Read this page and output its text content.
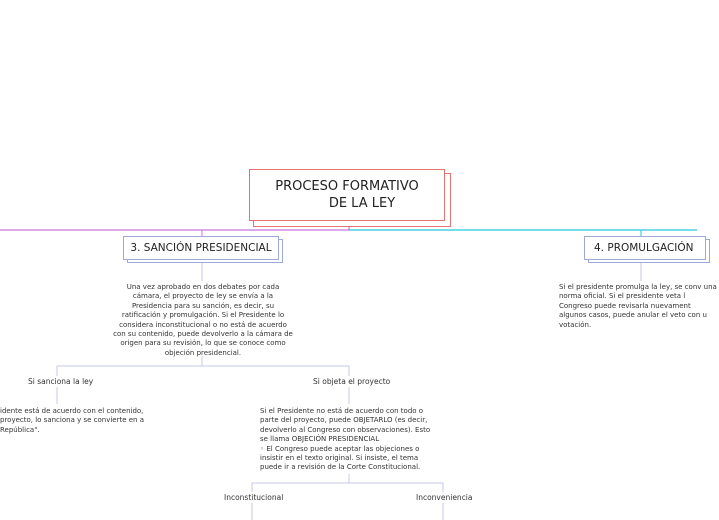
PROCESO FORMATIVO
DE LA LEY
3. SANCIÓN PRESIDENCIAL
Una vez aprobado en dos debates por cada cámara, el proyecto de ley se envía a la Presidencia para su sanción, es decir, su ratificación y promulgación. Si el Presidente lo considera inconstitucional o no está de acuerdo con su contenido, puede devolverlo a la cámara de origen para su revisión, lo que se conoce como objeción presidencial.
4. PROMULGACIÓN
Si el presidente promulga la ley, se conv una norma oficial. Si el presidente veta l Congreso puede revisarla nuevament algunos casos, puede anular el veto con u votación.
Si sanciona la ley
idente está de acuerdo con el contenido, proyecto, lo sanciona y se convierte en a República".
Si objeta el proyecto
Si el Presidente no está de acuerdo con todo o parte del proyecto, puede OBJETARLO (es decir, devolverlo al Congreso con observaciones). Esto se llama OBJECIÓN PRESIDENCIAL
◦ El Congreso puede aceptar las objeciones o insistir en el texto original. Si insiste, el tema puede ir a revisión de la Corte Constitucional.
Inconstitucional	Inconveniencia
